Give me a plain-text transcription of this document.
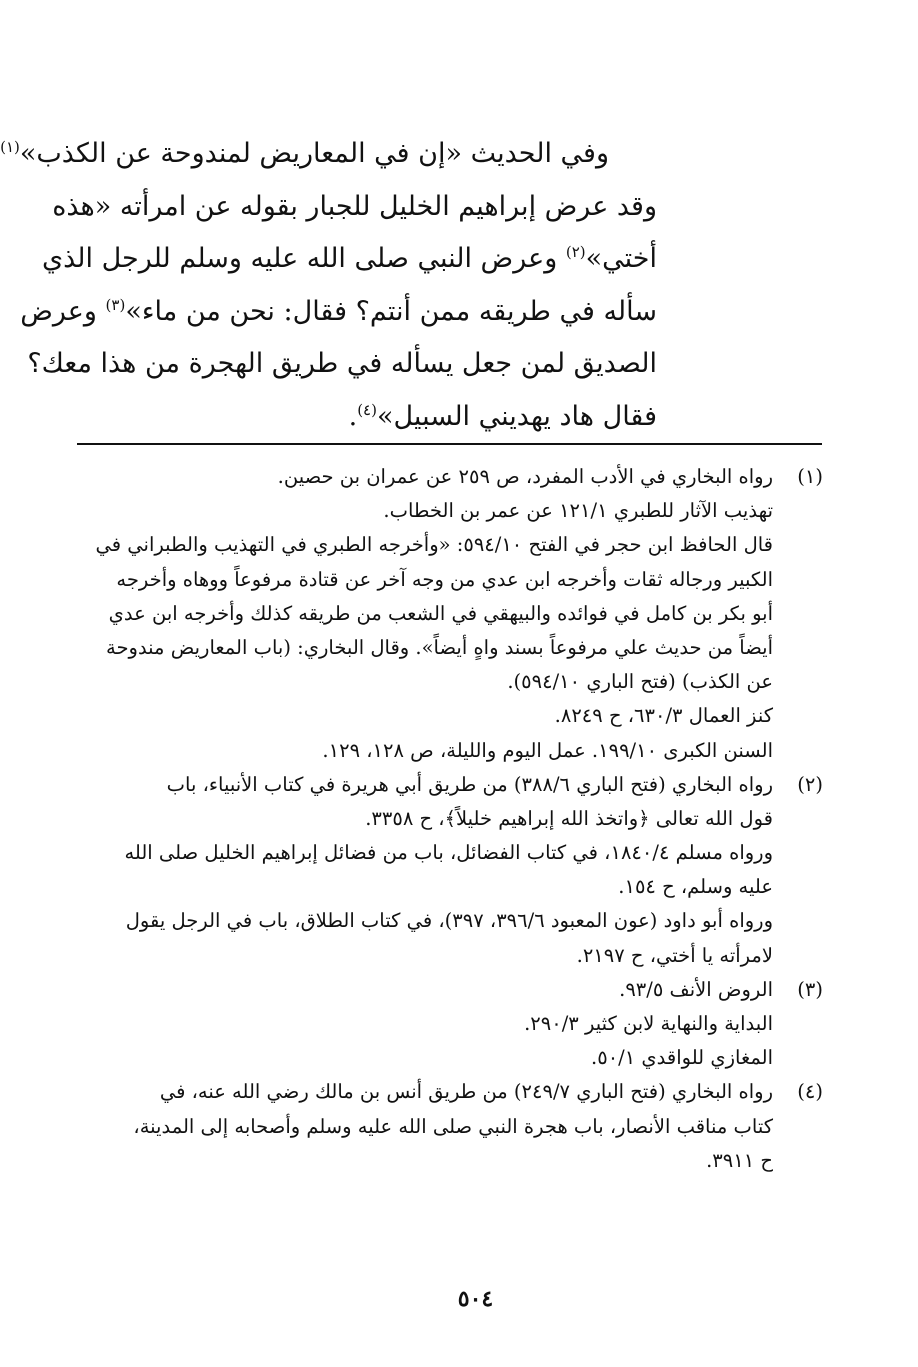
وفي الحديث «إن في المعاريض لمندوحة عن الكذب»$^{(١)}$
وقد عرض إبراهيم الخليل للجبار بقوله عن امرأته «هذه
أختي»$^{(٢)}$ وعرض النبي صلى الله عليه وسلم للرجل الذي
سأله في طريقه ممن أنتم؟ فقال: نحن من ماء»$^{(٣)}$ وعرض
الصديق لمن جعل يسأله في طريق الهجرة من هذا معك؟
فقال هاد يهديني السبيل»$^{(٤)}$.
(١)
رواه البخاري في الأدب المفرد، ص ٢٥٩ عن عمران بن حصين.
تهذيب الآثار للطبري ١٢١/١ عن عمر بن الخطاب.
قال الحافظ ابن حجر في الفتح ٥٩٤/١٠: «وأخرجه الطبري في التهذيب والطبراني في
الكبير ورجاله ثقات وأخرجه ابن عدي من وجه آخر عن قتادة مرفوعاً ووهاه وأخرجه
أبو بكر بن كامل في فوائده والبيهقي في الشعب من طريقه كذلك وأخرجه ابن عدي
أيضاً من حديث علي مرفوعاً بسند واهٍ أيضاً». وقال البخاري: (باب المعاريض مندوحة
عن الكذب) (فتح الباري ٥٩٤/١٠).
كنز العمال ٦٣٠/٣، ح ٨٢٤٩.
السنن الكبرى ١٩٩/١٠. عمل اليوم والليلة، ص ١٢٨، ١٢٩.
(٢)
رواه البخاري (فتح الباري ٣٨٨/٦) من طريق أبي هريرة في كتاب الأنبياء، باب
قول الله تعالى ﴿واتخذ الله إبراهيم خليلاً﴾، ح ٣٣٥٨.
ورواه مسلم ١٨٤٠/٤، في كتاب الفضائل، باب من فضائل إبراهيم الخليل صلى الله
عليه وسلم، ح ١٥٤.
ورواه أبو داود (عون المعبود ٣٩٦/٦، ٣٩٧)، في كتاب الطلاق، باب في الرجل يقول
لامرأته يا أختي، ح ٢١٩٧.
(٣)
الروض الأنف ٩٣/٥.
البداية والنهاية لابن كثير ٢٩٠/٣.
المغازي للواقدي ٥٠/١.
(٤)
رواه البخاري (فتح الباري ٢٤٩/٧) من طريق أنس بن مالك رضي الله عنه، في
كتاب مناقب الأنصار، باب هجرة النبي صلى الله عليه وسلم وأصحابه إلى المدينة،
ح ٣٩١١.
٥٠٤
